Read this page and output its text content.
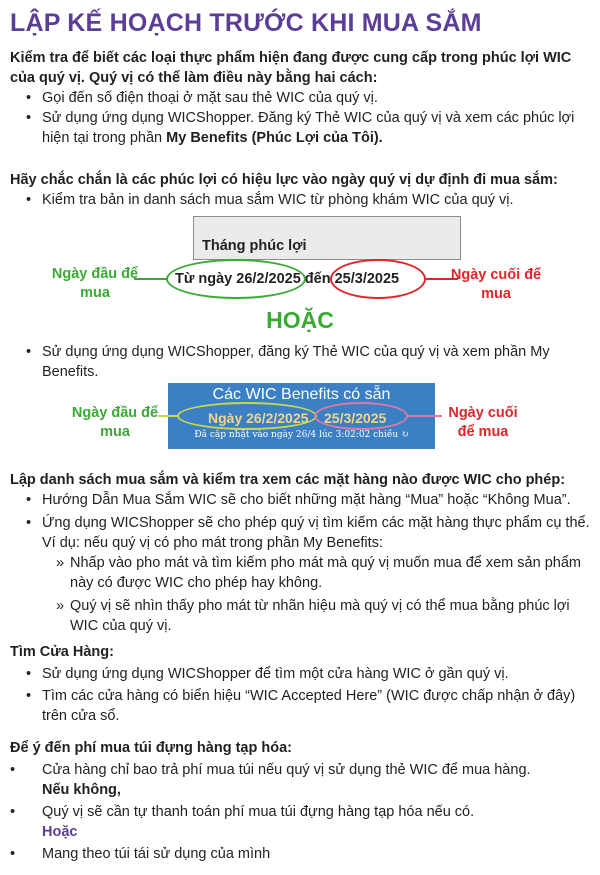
LẬP KẾ HOẠCH TRƯỚC KHI MUA SẮM
Kiểm tra để biết các loại thực phẩm hiện đang được cung cấp trong phúc lợi WIC của quý vị. Quý vị có thể làm điều này bằng hai cách:
• Gọi đến số điện thoại ở mặt sau thẻ WIC của quý vị.
• Sử dụng ứng dụng WICShopper. Đăng ký Thẻ WIC của quý vị và xem các phúc lợi hiện tại trong phần My Benefits (Phúc Lợi của Tôi).
Hãy chắc chắn là các phúc lợi có hiệu lực vào ngày quý vị dự định đi mua sắm:
• Kiểm tra bản in danh sách mua sắm WIC từ phòng khám WIC của quý vị.
Tháng phúc lợi
Từ ngày 26/2/2025 đến 25/3/2025
Ngày đầu để mua
Ngày cuối để mua
HOẶC
• Sử dụng ứng dụng WICShopper, đăng ký Thẻ WIC của quý vị và xem phần My Benefits.
Các WIC Benefits có sẵn
Ngày 26/2/2025 25/3/2025
Đã cập nhật vào ngày 26/4 lúc 3:02:02 chiều ↻
Ngày đầu để mua
Ngày cuối để mua
Lập danh sách mua sắm và kiểm tra xem các mặt hàng nào được WIC cho phép:
• Hướng Dẫn Mua Sắm WIC sẽ cho biết những mặt hàng “Mua” hoặc “Không Mua”.
• Ứng dụng WICShopper sẽ cho phép quý vị tìm kiếm các mặt hàng thực phẩm cụ thể. Ví dụ: nếu quý vị có pho mát trong phần My Benefits:
» Nhấp vào pho mát và tìm kiếm pho mát mà quý vị muốn mua để xem sản phẩm này có được WIC cho phép hay không.
» Quý vị sẽ nhìn thấy pho mát từ nhãn hiệu mà quý vị có thể mua bằng phúc lợi WIC của quý vị.
Tìm Cửa Hàng:
• Sử dụng ứng dụng WICShopper để tìm một cửa hàng WIC ở gần quý vị.
• Tìm các cửa hàng có biển hiệu “WIC Accepted Here” (WIC được chấp nhận ở đây) trên cửa sổ.
Để ý đến phí mua túi đựng hàng tạp hóa:
• Cửa hàng chỉ bao trả phí mua túi nếu quý vị sử dụng thẻ WIC để mua hàng.
Nếu không,
• Quý vị sẽ cần tự thanh toán phí mua túi đựng hàng tạp hóa nếu có.
Hoặc
• Mang theo túi tái sử dụng của mình
